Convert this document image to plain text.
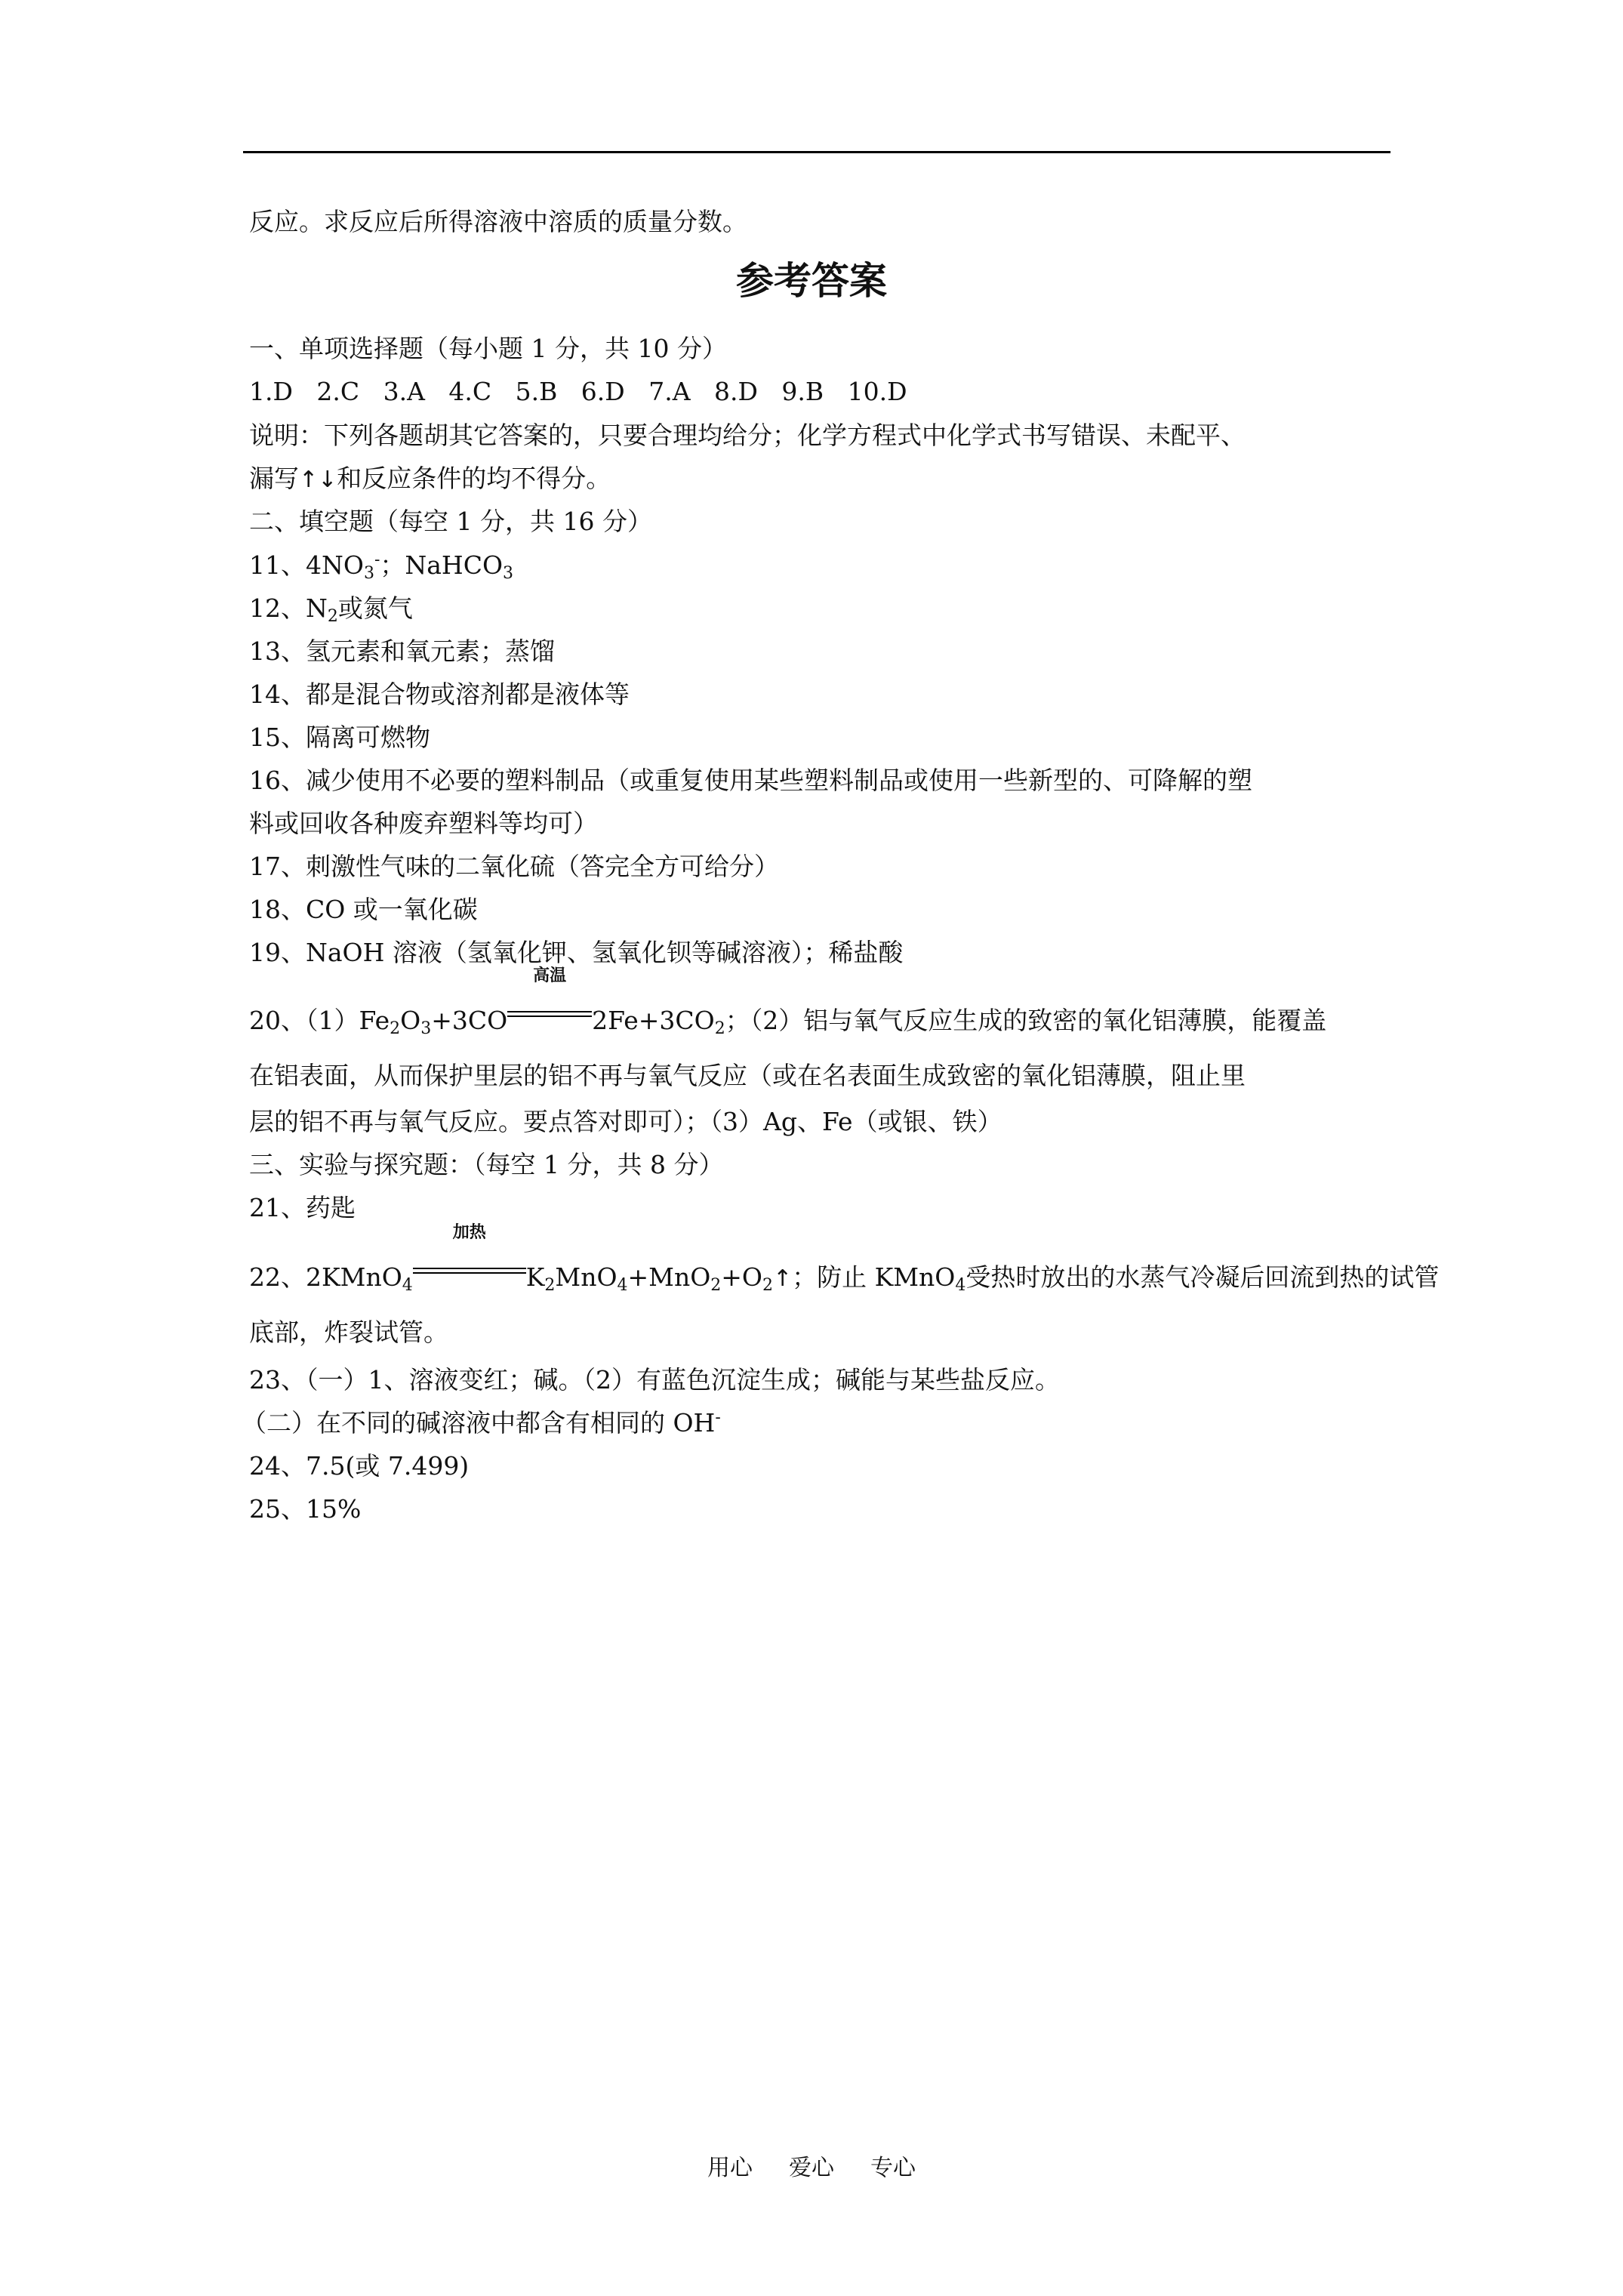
反应。求反应后所得溶液中溶质的质量分数。
参考答案
一、单项选择题（每小题 1 分，共 10 分）
1.D   2.C   3.A   4.C   5.B   6.D   7.A   8.D   9.B   10.D
说明：下列各题胡其它答案的，只要合理均给分；化学方程式中化学式书写错误、未配平、
漏写↑↓和反应条件的均不得分。
二、填空题（每空 1 分，共 16 分）
11、$4NO_3^-$；NaHCO$_3$
12、$N_2$或氮气
13、氢元素和氧元素；蒸馏
14、都是混合物或溶剂都是液体等
15、隔离可燃物
16、减少使用不必要的塑料制品（或重复使用某些塑料制品或使用一些新型的、可降解的塑
料或回收各种废弃塑料等均可）
17、刺激性气味的二氧化硫（答完全方可给分）
18、CO 或一氧化碳
19、NaOH 溶液（氢氧化钾、氢氧化钡等碱溶液）；稀盐酸
20、$(1)Fe_2O_3+3CO$
高温
$2Fe+3CO_2$；（2）铝与氧气反应生成的致密的氧化铝薄膜，能覆盖
在铝表面，从而保护里层的铝不再与氧气反应（或在名表面生成致密的氧化铝薄膜，阻止里
层的铝不再与氧气反应。要点答对即可）；（3）Ag、Fe（或银、铁）
三、实验与探究题：（每空 1 分，共 8 分）
21、药匙
22、2KMnO$_4$
加热
$K_2MnO_4+MnO_2+O_2↑$；防止 KMnO$_4$受热时放出的水蒸气冷凝后回流到热的试管
底部，炸裂试管。
23、（一）1、溶液变红；碱。（2）有蓝色沉淀生成；碱能与某些盐反应。
（二）在不同的碱溶液中都含有相同的 OH-
24、7.5(或 7.499)
25、15%
用心 爱心 专心
